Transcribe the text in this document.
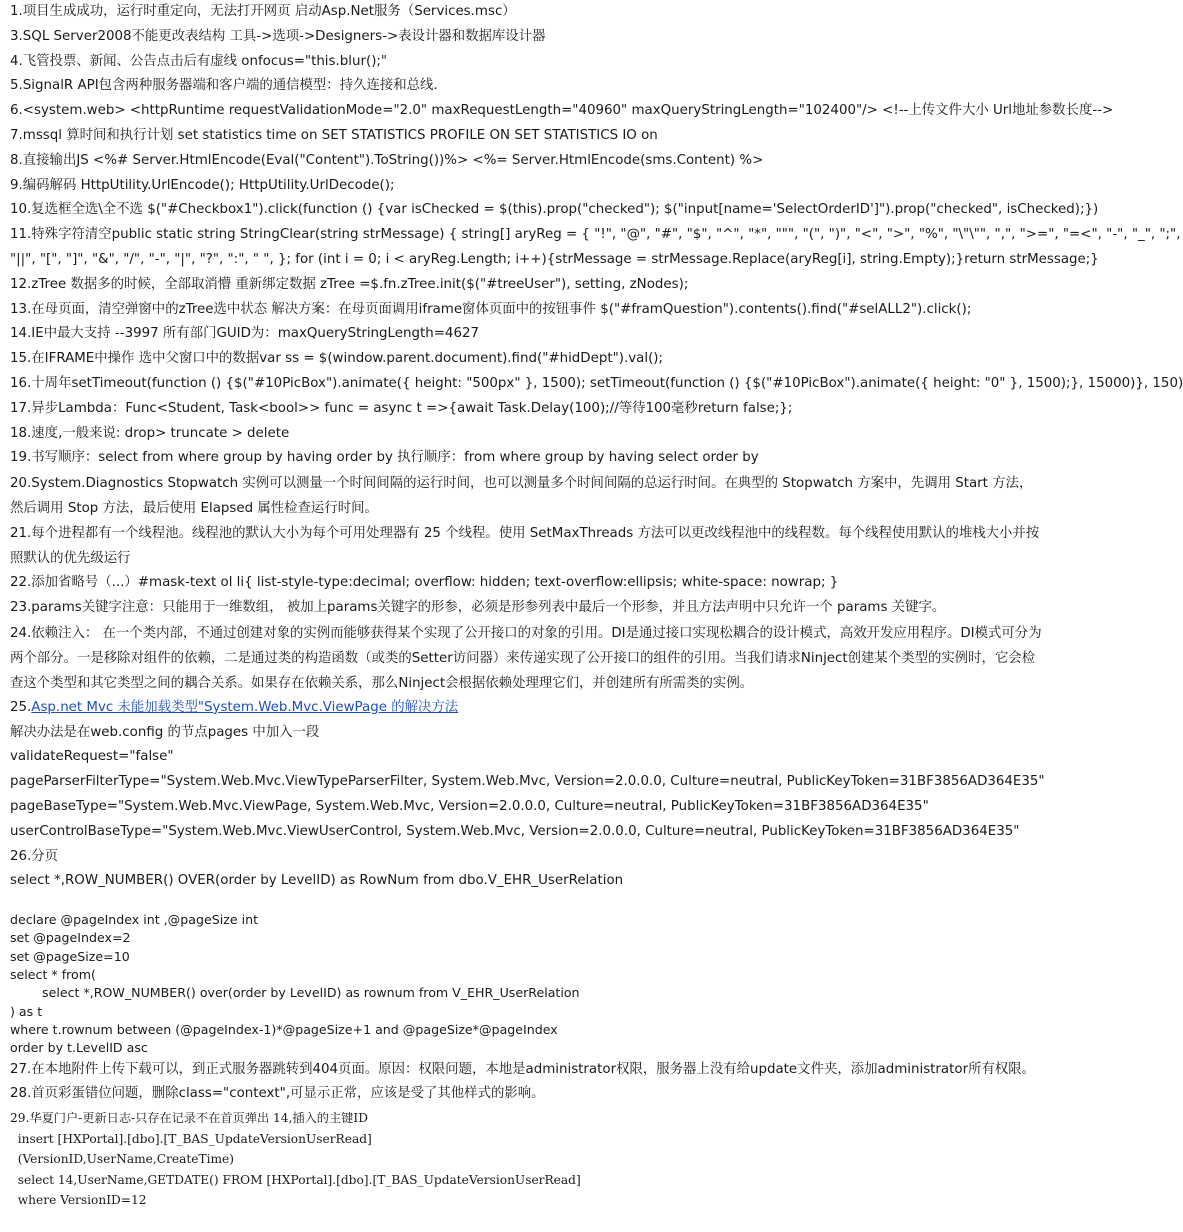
1.项目生成成功，运行时重定向，无法打开网页 启动Asp.Net服务（Services.msc）
3.SQL Server2008不能更改表结构 工具->选项->Designers->表设计器和数据库设计器
4.飞管投票、新闻、公告点击后有虚线 onfocus="this.blur();"
5.SignalR API包含两种服务器端和客户端的通信模型：持久连接和总线.
6.<system.web> <httpRuntime requestValidationMode="2.0" maxRequestLength="40960" maxQueryStringLength="102400"/> <!--上传文件大小 Url地址参数长度-->
7.mssql 算时间和执行计划 set statistics time on SET STATISTICS PROFILE ON SET STATISTICS IO on
8.直接输出JS <%# Server.HtmlEncode(Eval("Content").ToString())%> <%= Server.HtmlEncode(sms.Content) %>
9.编码解码 HttpUtility.UrlEncode(); HttpUtility.UrlDecode();
10.复选框全选\全不选 $("#Checkbox1").click(function () {var isChecked = $(this).prop("checked"); $("input[name='SelectOrderID']").prop("checked", isChecked);})
11.特殊字符清空public static string StringClear(string strMessage) { string[] aryReg = { "!", "@", "#", "$", "^", "*", """, "(", ")", "<", ">", "%", "\"\"", ",", ">=", "=<", "-", "_", ";",
"||", "[", "]", "&", "/", "-", "|", "?", ":", " ", }; for (int i = 0; i < aryReg.Length; i++){strMessage = strMessage.Replace(aryReg[i], string.Empty);}return strMessage;}
12.zTree 数据多的时候，全部取消懵 重新绑定数据 zTree =$.fn.zTree.init($("#treeUser"), setting, zNodes);
13.在母页面，清空弹窗中的zTree选中状态 解决方案：在母页面调用iframe窗体页面中的按钮事件 $("#framQuestion").contents().find("#selALL2").click();
14.IE中最大支持 --3997 所有部门GUID为：maxQueryStringLength=4627
15.在IFRAME中操作 选中父窗口中的数据var ss = $(window.parent.document).find("#hidDept").val();
16.十周年setTimeout(function () {$("#10PicBox").animate({ height: "500px" }, 1500); setTimeout(function () {$("#10PicBox").animate({ height: "0" }, 1500);}, 15000)}, 150)
17.异步Lambda：Func<Student, Task<bool>> func = async t =>{await Task.Delay(100);//等待100毫秒return false;};
18.速度,一般来说: drop> truncate > delete
19.书写顺序：select from where group by having order by 执行顺序：from where group by having select order by
20.System.Diagnostics Stopwatch 实例可以测量一个时间间隔的运行时间，也可以测量多个时间间隔的总运行时间。在典型的 Stopwatch 方案中，先调用 Start 方法，然后调用 Stop 方法，最后使用 Elapsed 属性检查运行时间。
21.每个进程都有一个线程池。线程池的默认大小为每个可用处理器有 25 个线程。使用 SetMaxThreads 方法可以更改线程池中的线程数。每个线程使用默认的堆栈大小并按照默认的优先级运行
22.添加省略号（...）#mask-text ol li{ list-style-type:decimal; overflow: hidden; text-overflow:ellipsis; white-space: nowrap; }
23.params关键字注意：只能用于一维数组， 被加上params关键字的形参，必须是形参列表中最后一个形参，并且方法声明中只允许一个 params 关键字。
24.依赖注入： 在一个类内部，不通过创建对象的实例而能够获得某个实现了公开接口的对象的引用。DI是通过接口实现松耦合的设计模式，高效开发应用程序。DI模式可分为两个部分。一是移除对组件的依赖，二是通过类的构造函数（或类的Setter访问器）来传递实现了公开接口的组件的引用。当我们请求Ninject创建某个类型的实例时，它会检查这个类型和其它类型之间的耦合关系。如果存在依赖关系，那么Ninject会根据依赖处理理它们，并创建所有所需类的实例。
25.Asp.net Mvc 未能加载类型"System.Web.Mvc.ViewPage 的解决方法
解决办法是在web.config 的节点pages 中加入一段
validateRequest="false"
pageParserFilterType="System.Web.Mvc.ViewTypeParserFilter, System.Web.Mvc, Version=2.0.0.0, Culture=neutral, PublicKeyToken=31BF3856AD364E35"
pageBaseType="System.Web.Mvc.ViewPage, System.Web.Mvc, Version=2.0.0.0, Culture=neutral, PublicKeyToken=31BF3856AD364E35"
userControlBaseType="System.Web.Mvc.ViewUserControl, System.Web.Mvc, Version=2.0.0.0, Culture=neutral, PublicKeyToken=31BF3856AD364E35"
26.分页
select *,ROW_NUMBER() OVER(order by LevelID) as RowNum from dbo.V_EHR_UserRelation
declare @pageIndex int ,@pageSize int
set @pageIndex=2
set @pageSize=10
select * from(
select *,ROW_NUMBER() over(order by LevelID) as rownum from V_EHR_UserRelation
) as t
where t.rownum between (@pageIndex-1)*@pageSize+1 and @pageSize*@pageIndex
order by t.LevelID asc
27.在本地附件上传下载可以，到正式服务器跳转到404页面。原因：权限问题，本地是administrator权限，服务器上没有给update文件夹，添加administrator所有权限。
28.首页彩蛋错位问题，删除class="context",可显示正常，应该是受了其他样式的影响。
29.华夏门户-更新日志-只存在记录不在首页弹出 14,插入的主键ID
insert [HXPortal].[dbo].[T_BAS_UpdateVersionUserRead]
(VersionID,UserName,CreateTime)
select 14,UserName,GETDATE() FROM [HXPortal].[dbo].[T_BAS_UpdateVersionUserRead]
where VersionID=12
